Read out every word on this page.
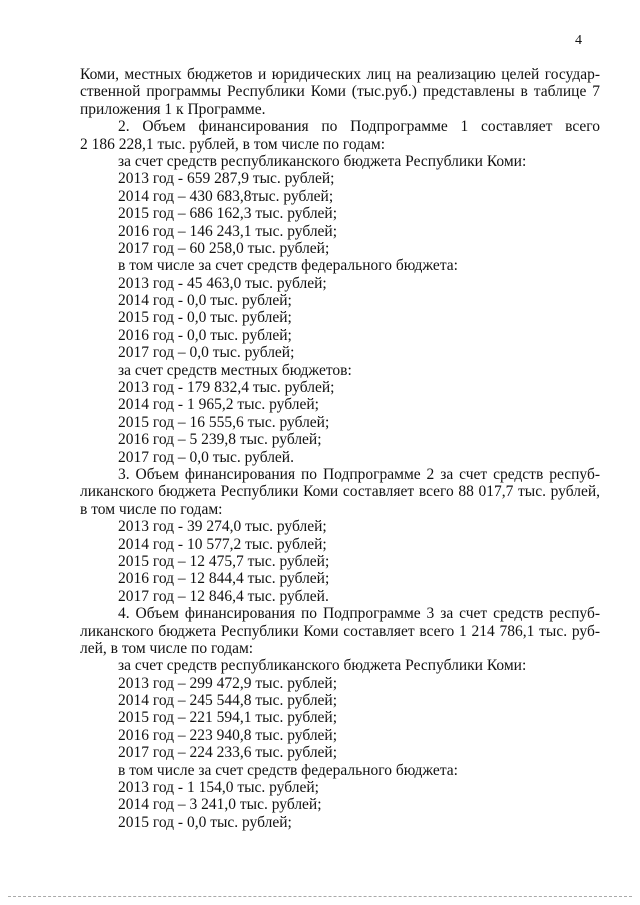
4
Коми, местных бюджетов и юридических лиц на реализацию целей государ-
ственной программы Республики Коми (тыс.руб.) представлены в таблице 7
приложения 1 к Программе.
2. Объем финансирования по Подпрограмме 1 составляет всего
2 186 228,1 тыс. рублей, в том числе по годам:
за счет средств республиканского бюджета Республики Коми:
2013 год - 659 287,9 тыс. рублей;
2014 год – 430 683,8тыс. рублей;
2015 год – 686 162,3 тыс. рублей;
2016 год – 146 243,1 тыс. рублей;
2017 год – 60 258,0 тыс. рублей;
в том числе за счет средств федерального бюджета:
2013 год - 45 463,0 тыс. рублей;
2014 год - 0,0 тыс. рублей;
2015 год - 0,0 тыс. рублей;
2016 год - 0,0 тыс. рублей;
2017 год – 0,0 тыс. рублей;
за счет средств местных бюджетов:
2013 год - 179 832,4 тыс. рублей;
2014 год - 1 965,2 тыс. рублей;
2015 год – 16 555,6 тыс. рублей;
2016 год – 5 239,8 тыс. рублей;
2017 год – 0,0 тыс. рублей.
3. Объем финансирования по Подпрограмме 2 за счет средств респуб-
ликанского бюджета Республики Коми составляет всего 88 017,7 тыс. рублей,
в том числе по годам:
2013 год - 39 274,0 тыс. рублей;
2014 год - 10 577,2 тыс. рублей;
2015 год – 12 475,7 тыс. рублей;
2016 год – 12 844,4 тыс. рублей;
2017 год – 12 846,4 тыс. рублей.
4. Объем финансирования по Подпрограмме 3 за счет средств респуб-
ликанского бюджета Республики Коми составляет всего 1 214 786,1 тыс. руб-
лей, в том числе по годам:
за счет средств республиканского бюджета Республики Коми:
2013 год – 299 472,9 тыс. рублей;
2014 год – 245 544,8 тыс. рублей;
2015 год – 221 594,1 тыс. рублей;
2016 год – 223 940,8 тыс. рублей;
2017 год – 224 233,6 тыс. рублей;
в том числе за счет средств федерального бюджета:
2013 год - 1 154,0 тыс. рублей;
2014 год – 3 241,0 тыс. рублей;
2015 год - 0,0 тыс. рублей;
